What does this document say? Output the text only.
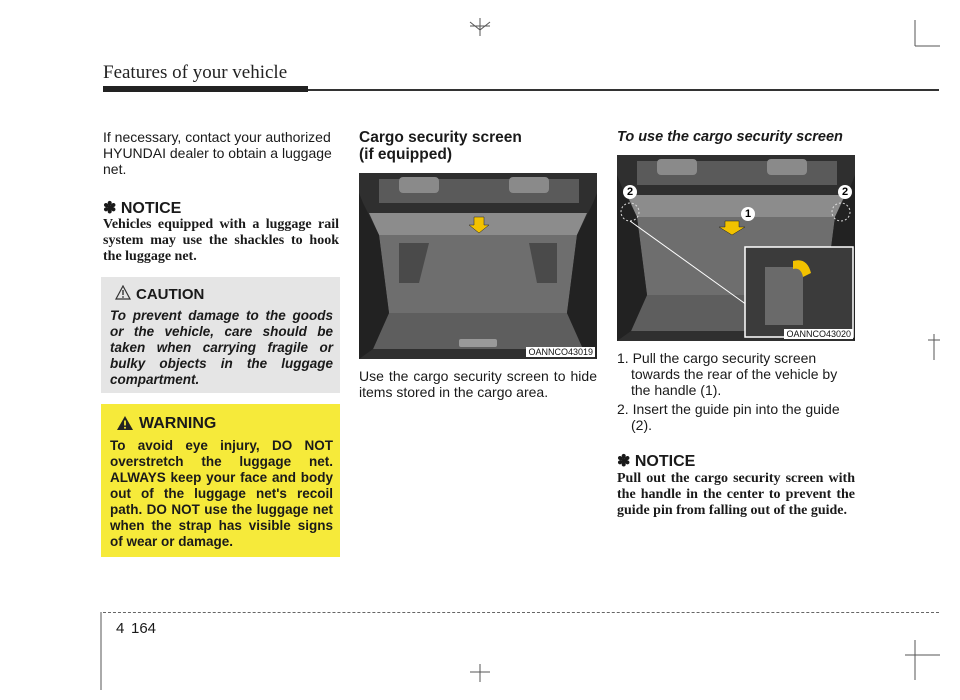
Features of your vehicle
If necessary, contact your authorized HYUNDAI dealer to obtain a luggage net.
✽ NOTICE
Vehicles equipped with a luggage rail system may use the shackles to hook the luggage net.
CAUTION
To prevent damage to the goods or the vehicle, care should be taken when carrying fragile or bulky objects in the luggage compartment.
WARNING
To avoid eye injury, DO NOT overstretch the luggage net. ALWAYS keep your face and body out of the luggage net's recoil path. DO NOT use the luggage net when the strap has visible signs of wear or damage.
Cargo security screen
(if equipped)
OANNCO43019
Use the cargo security screen to hide items stored in the cargo area.
To use the cargo security screen
2	2
1
OANNCO43020
1. Pull the cargo security screen towards the rear of the vehicle by the handle (1).
2. Insert the guide pin into the guide (2).
✽ NOTICE
Pull out the cargo security screen with the handle in the center to prevent the guide pin from falling out of the guide.
4 164
